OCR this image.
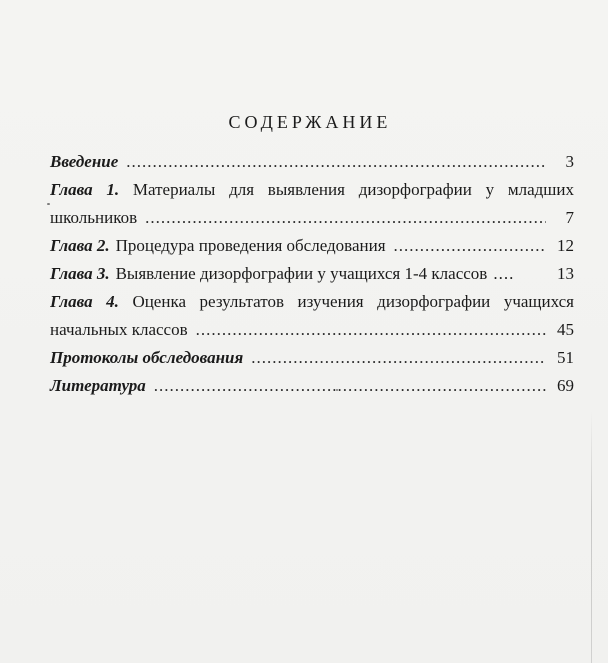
СОДЕРЖАНИЕ
Введение .....	3
Глава 1. Материалы для выявления дизорфографии у младших
школьников .....	7
Глава 2. Процедура проведения обследования .....	12
Глава 3. Выявление дизорфографии у учащихся 1-4 классов ....	13
Глава 4. Оценка результатов изучения дизорфографии учащихся
начальных классов .....	45
Протоколы обследования .....	51
Литература .....	69
